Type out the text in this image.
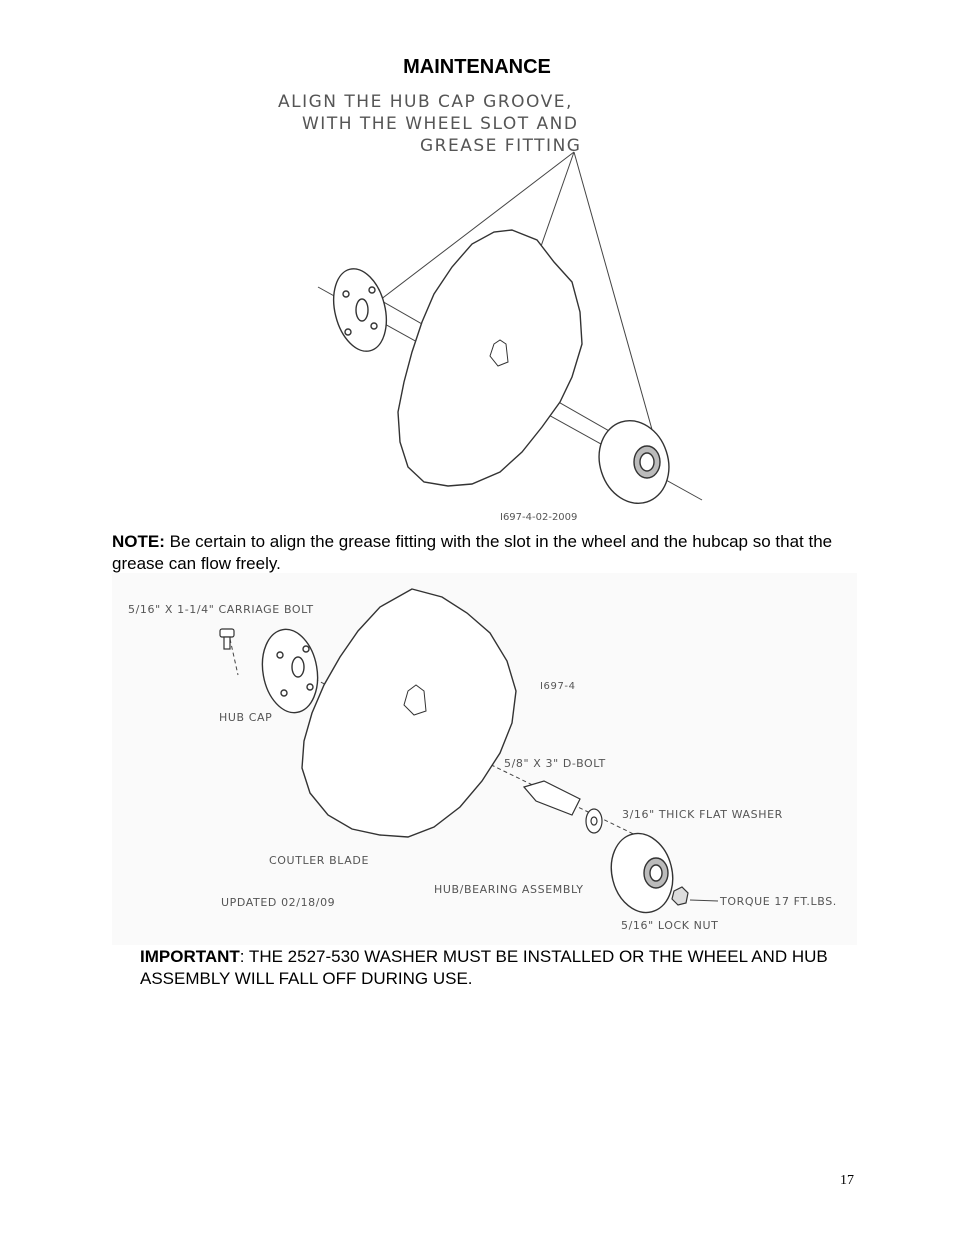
MAINTENANCE
ALIGN THE HUB CAP GROOVE,
WITH THE WHEEL SLOT AND
GREASE FITTING
I697-4-02-2009

NOTE: Be certain to align the grease fitting with the slot in the wheel and the hubcap so that the grease can flow freely.

5/16" X 1-1/4" CARRIAGE BOLT
HUB CAP
I697-4
5/8" X 3" D-BOLT
3/16" THICK FLAT WASHER
COUTLER BLADE
HUB/BEARING ASSEMBLY
TORQUE 17 FT.LBS.
UPDATED 02/18/09
5/16" LOCK NUT

IMPORTANT: THE 2527-530 WASHER MUST BE INSTALLED OR THE WHEEL AND HUB ASSEMBLY WILL FALL OFF DURING USE.

17
